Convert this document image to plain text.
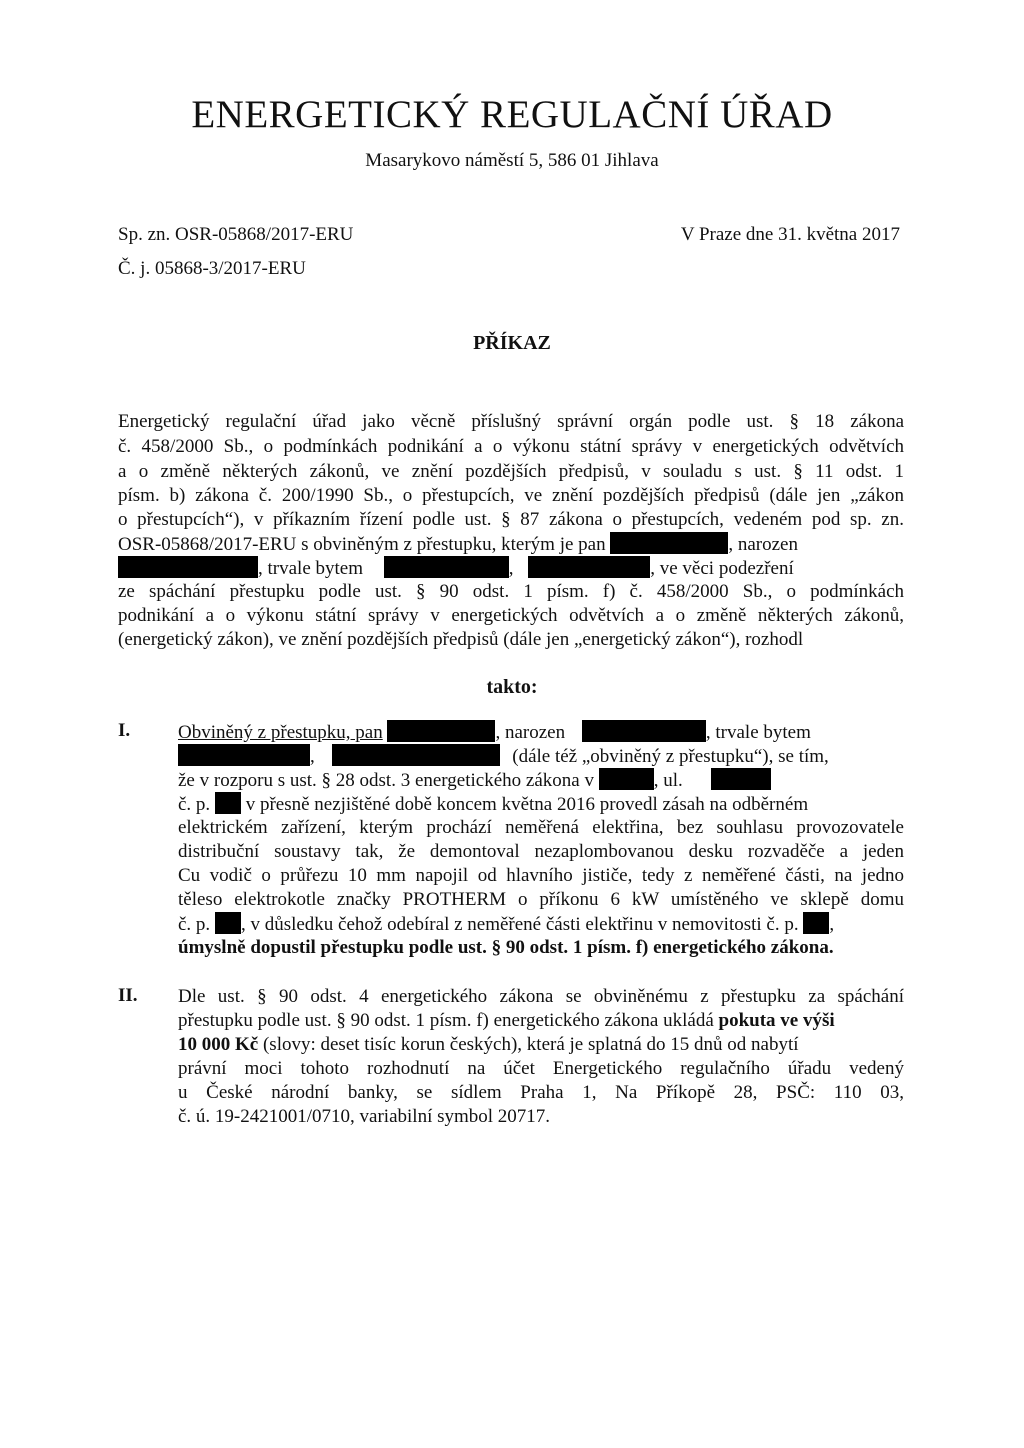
ENERGETICKÝ REGULAČNÍ ÚŘAD
Masarykovo náměstí 5, 586 01 Jihlava
Sp. zn. OSR-05868/2017-ERU	V Praze dne 31. května 2017
Č. j. 05868-3/2017-ERU
PŘÍKAZ
Energetický regulační úřad jako věcně příslušný správní orgán podle ust. § 18 zákona
č. 458/2000 Sb., o podmínkách podnikání a o výkonu státní správy v energetických odvětvích
a o změně některých zákonů, ve znění pozdějších předpisů, v souladu s ust. § 11 odst. 1
písm. b) zákona č. 200/1990 Sb., o přestupcích, ve znění pozdějších předpisů (dále jen „zákon
o přestupcích“), v příkazním řízení podle ust. § 87 zákona o přestupcích, vedeném pod sp. zn.
OSR-05868/2017-ERU s obviněným z přestupku, kterým je pan	, narozen
, trvale bytem	,	, ve věci podezření
ze spáchání přestupku podle ust. § 90 odst. 1 písm. f) č. 458/2000 Sb., o podmínkách
podnikání a o výkonu státní správy v energetických odvětvích a o změně některých zákonů,
(energetický zákon), ve znění pozdějších předpisů (dále jen „energetický zákon“), rozhodl
takto:
I.	Obviněný z přestupku, pan	, narozen	, trvale bytem
,	(dále též „obviněný z přestupku“), se tím,
že v rozporu s ust. § 28 odst. 3 energetického zákona v	, ul.
č. p. v přesně nezjištěné době koncem května 2016 provedl zásah na odběrném
elektrickém zařízení, kterým prochází neměřená elektřina, bez souhlasu provozovatele
distribuční soustavy tak, že demontoval nezaplombovanou desku rozvaděče a jeden
Cu vodič o průřezu 10 mm napojil od hlavního jističe, tedy z neměřené části, na jedno
těleso elektrokotle značky PROTHERM o příkonu 6 kW umístěného ve sklepě domu
č. p. , v důsledku čehož odebíral z neměřené části elektřinu v nemovitosti č. p. ,
úmyslně dopustil přestupku podle ust. § 90 odst. 1 písm. f) energetického zákona.
II. Dle ust. § 90 odst. 4 energetického zákona se obviněnému z přestupku za spáchání
přestupku podle ust. § 90 odst. 1 písm. f) energetického zákona ukládá pokuta ve výši
10 000 Kč (slovy: deset tisíc korun českých), která je splatná do 15 dnů od nabytí
právní moci tohoto rozhodnutí na účet Energetického regulačního úřadu vedený
u České národní banky, se sídlem Praha 1, Na Příkopě 28, PSČ: 110 03,
č. ú. 19-2421001/0710, variabilní symbol 20717.
